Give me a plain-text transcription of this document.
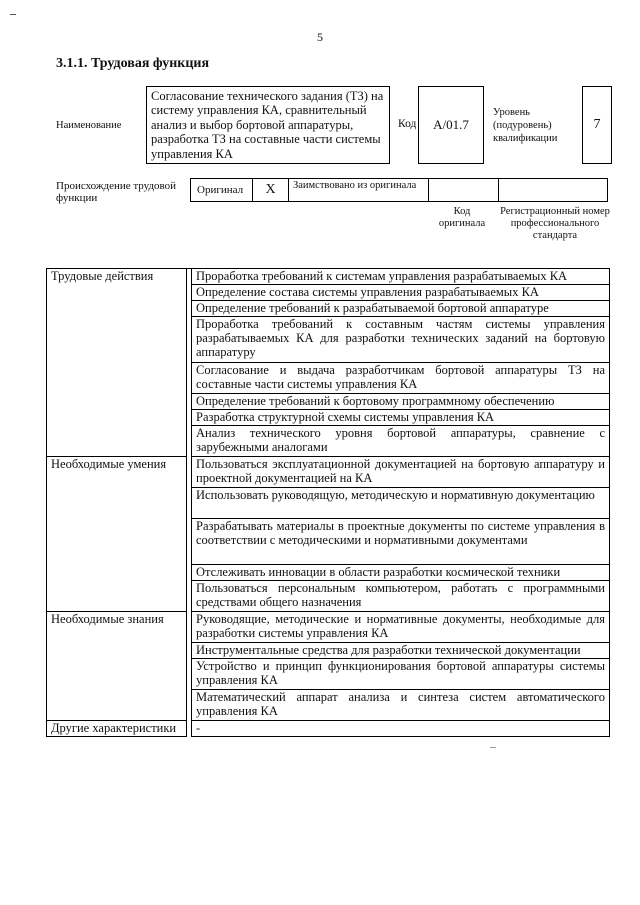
5
3.1.1. Трудовая функция
Наименование
Согласование технического задания (ТЗ) на систему управления КА, сравнительный анализ и выбор бортовой аппаратуры, разработка ТЗ на составные части системы управления КА
Код	А/01.7
Уровень (подуровень) квалификации
7
Происхождение трудовой функции
Оригинал	X	Заимствовано из оригинала
Код оригинала
Регистрационный номер профессионального стандарта
Трудовые действия	Проработка требований к системам управления разрабатываемых КА
Определение состава системы управления разрабатываемых КА
Определение требований к разрабатываемой бортовой аппаратуре
Проработка требований к составным частям системы управления разрабатываемых КА для разработки технических заданий на бортовую аппаратуру
Согласование и выдача разработчикам бортовой аппаратуры ТЗ на составные части системы управления КА
Определение требований к бортовому программному обеспечению
Разработка структурной схемы системы управления КА
Анализ технического уровня бортовой аппаратуры, сравнение с зарубежными аналогами
Необходимые умения	Пользоваться эксплуатационной документацией на бортовую аппаратуру и проектной документацией на КА
Использовать руководящую, методическую и нормативную документацию
Разрабатывать материалы в проектные документы по системе управления в соответствии с методическими и нормативными документами
Отслеживать инновации в области разработки космической техники
Пользоваться персональным компьютером, работать с программными средствами общего назначения
Необходимые знания	Руководящие, методические и нормативные документы, необходимые для разработки системы управления КА
Инструментальные средства для разработки технической документации
Устройство и принцип функционирования бортовой аппаратуры системы управления КА
Математический аппарат анализа и синтеза систем автоматического управления КА
Другие характеристики	-
